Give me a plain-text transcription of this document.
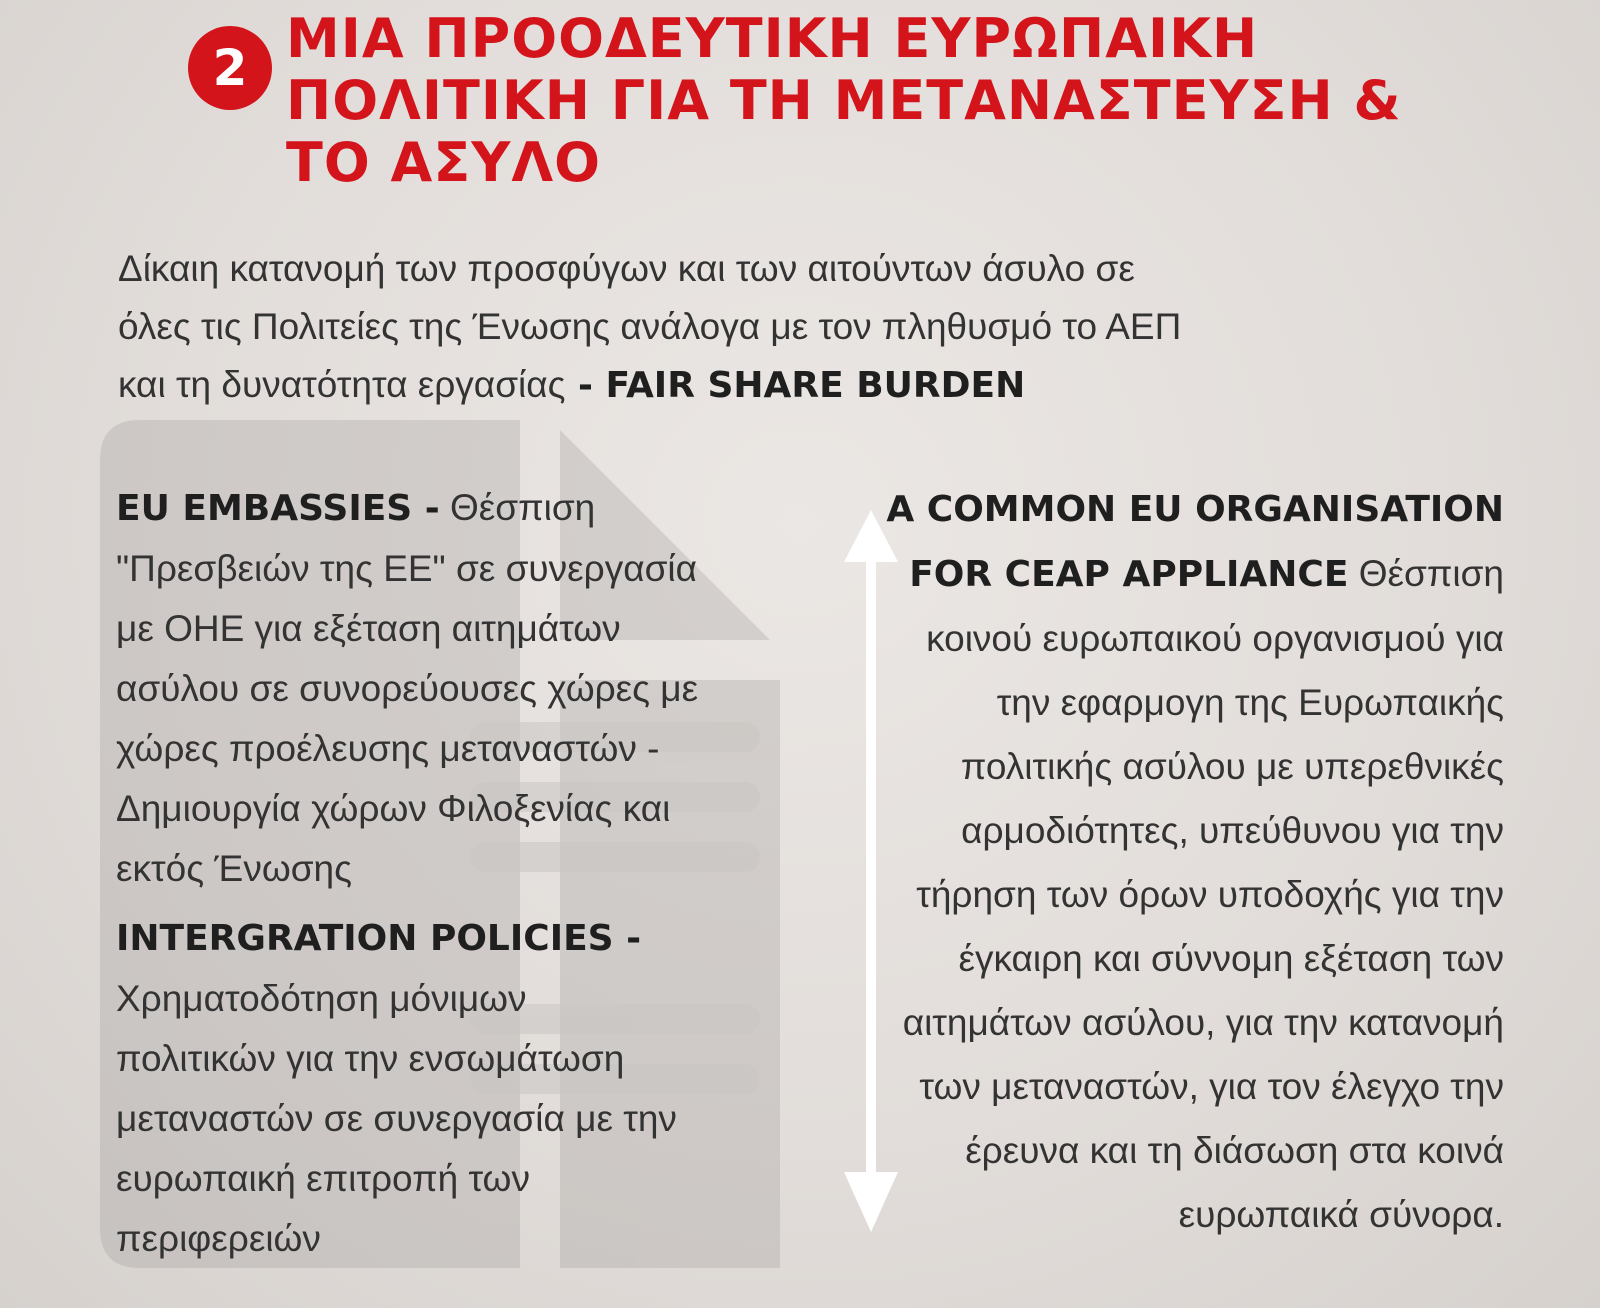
2 ΜΙΑ ΠΡΟΟΔΕΥΤΙΚΗ ΕΥΡΩΠΑΙΚΗ
ΠΟΛΙΤΙΚΗ ΓΙΑ ΤΗ ΜΕΤΑΝΑΣΤΕΥΣΗ &
ΤΟ ΑΣΥΛΟ
Δίκαιη κατανομή των προσφύγων και των αιτούντων άσυλο σε
όλες τις Πολιτείες της Ένωσης ανάλογα με τον πληθυσμό το ΑΕΠ
και τη δυνατότητα εργασίας - FAIR SHARE BURDEN
EU EMBASSIES - Θέσπιση
"Πρεσβειών της ΕΕ" σε συνεργασία
με ΟΗΕ για εξέταση αιτημάτων
ασύλου σε συνορεύουσες χώρες με
χώρες προέλευσης μεταναστών -
Δημιουργία χώρων Φιλοξενίας και
εκτός Ένωσης
INTERGRATION POLICIES -
Χρηματοδότηση μόνιμων
πολιτικών για την ενσωμάτωση
μεταναστών σε συνεργασία με την
ευρωπαική επιτροπή των
περιφερειών
A COMMON EU ORGANISATION
FOR CEAP APPLIANCE Θέσπιση
κοινού ευρωπαικού οργανισμού για
την εφαρμογη της Ευρωπαικής
πολιτικής ασύλου με υπερεθνικές
αρμοδιότητες, υπεύθυνου για την
τήρηση των όρων υποδοχής για την
έγκαιρη και σύννομη εξέταση των
αιτημάτων ασύλου, για την κατανομή
των μεταναστών, για τον έλεγχο την
έρευνα και τη διάσωση στα κοινά
ευρωπαικά σύνορα.
